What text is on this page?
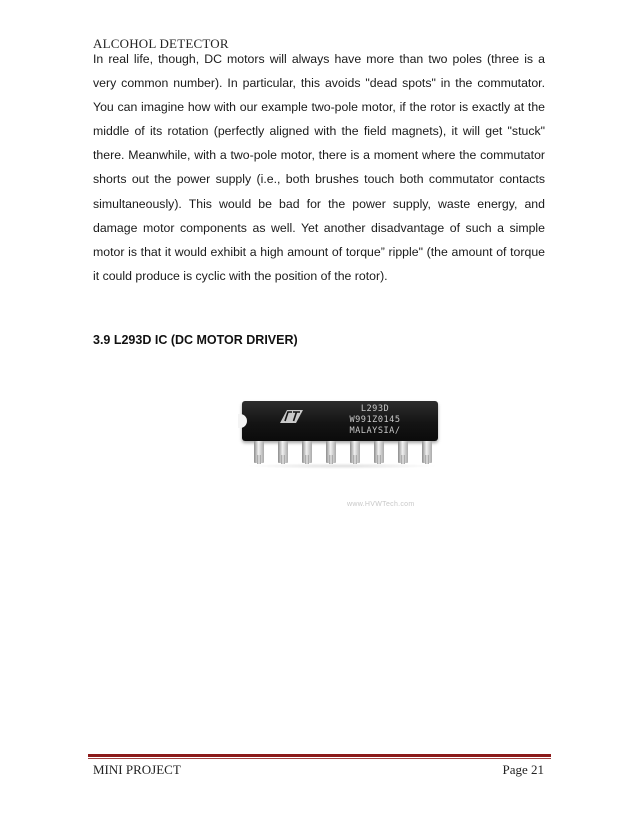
ALCOHOL DETECTOR

In real life, though, DC motors will always have more than two poles (three is a very common number). In particular, this avoids "dead spots" in the commutator. You can imagine how with our example two-pole motor, if the rotor is exactly at the middle of its rotation (perfectly aligned with the field magnets), it will get "stuck" there. Meanwhile, with a two-pole motor, there is a moment where the commutator shorts out the power supply (i.e., both brushes touch both commutator contacts simultaneously). This would be bad for the power supply, waste energy, and damage motor components as well. Yet another disadvantage of such a simple motor is that it would exhibit a high amount of torque” ripple" (the amount of torque it could produce is cyclic with the position of the rotor).

3.9 L293D IC (DC MOTOR DRIVER)
L293D
W991Z0145
MALAYSIA/
www.HVWTech.com
MINI PROJECT	Page 21
